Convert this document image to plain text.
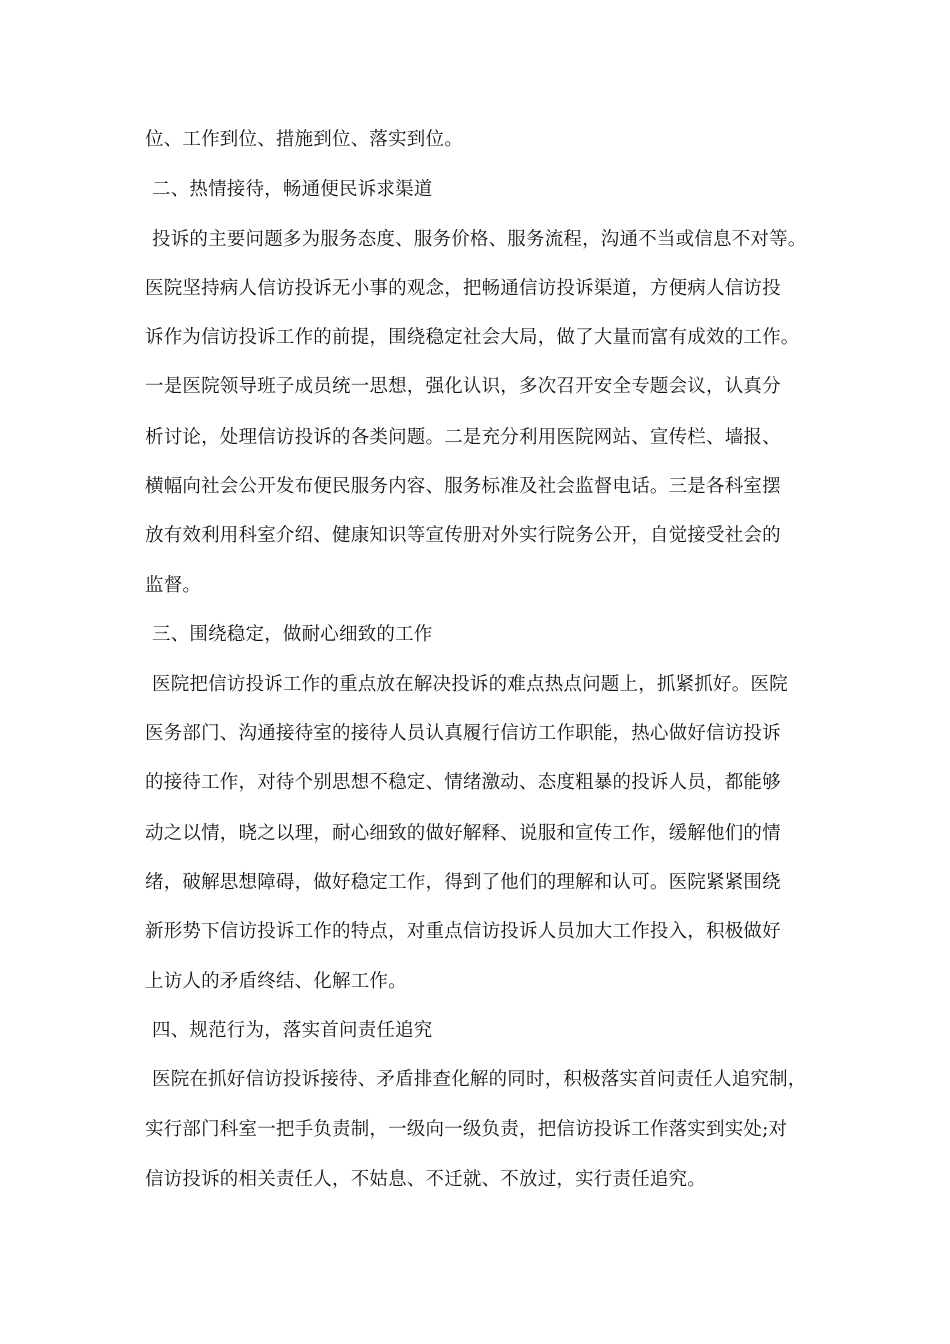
位、工作到位、措施到位、落实到位。
二、热情接待，畅通便民诉求渠道
投诉的主要问题多为服务态度、服务价格、服务流程，沟通不当或信息不对等。
医院坚持病人信访投诉无小事的观念，把畅通信访投诉渠道，方便病人信访投
诉作为信访投诉工作的前提，围绕稳定社会大局，做了大量而富有成效的工作。
一是医院领导班子成员统一思想，强化认识，多次召开安全专题会议，认真分
析讨论，处理信访投诉的各类问题。二是充分利用医院网站、宣传栏、墙报、
横幅向社会公开发布便民服务内容、服务标准及社会监督电话。三是各科室摆
放有效利用科室介绍、健康知识等宣传册对外实行院务公开，自觉接受社会的
监督。
三、围绕稳定，做耐心细致的工作
医院把信访投诉工作的重点放在解决投诉的难点热点问题上，抓紧抓好。医院
医务部门、沟通接待室的接待人员认真履行信访工作职能，热心做好信访投诉
的接待工作，对待个别思想不稳定、情绪激动、态度粗暴的投诉人员，都能够
动之以情，晓之以理，耐心细致的做好解释、说服和宣传工作，缓解他们的情
绪，破解思想障碍，做好稳定工作，得到了他们的理解和认可。医院紧紧围绕
新形势下信访投诉工作的特点，对重点信访投诉人员加大工作投入，积极做好
上访人的矛盾终结、化解工作。
四、规范行为，落实首问责任追究
医院在抓好信访投诉接待、矛盾排查化解的同时，积极落实首问责任人追究制，
实行部门科室一把手负责制，一级向一级负责，把信访投诉工作落实到实处;对
信访投诉的相关责任人，不姑息、不迁就、不放过，实行责任追究。
